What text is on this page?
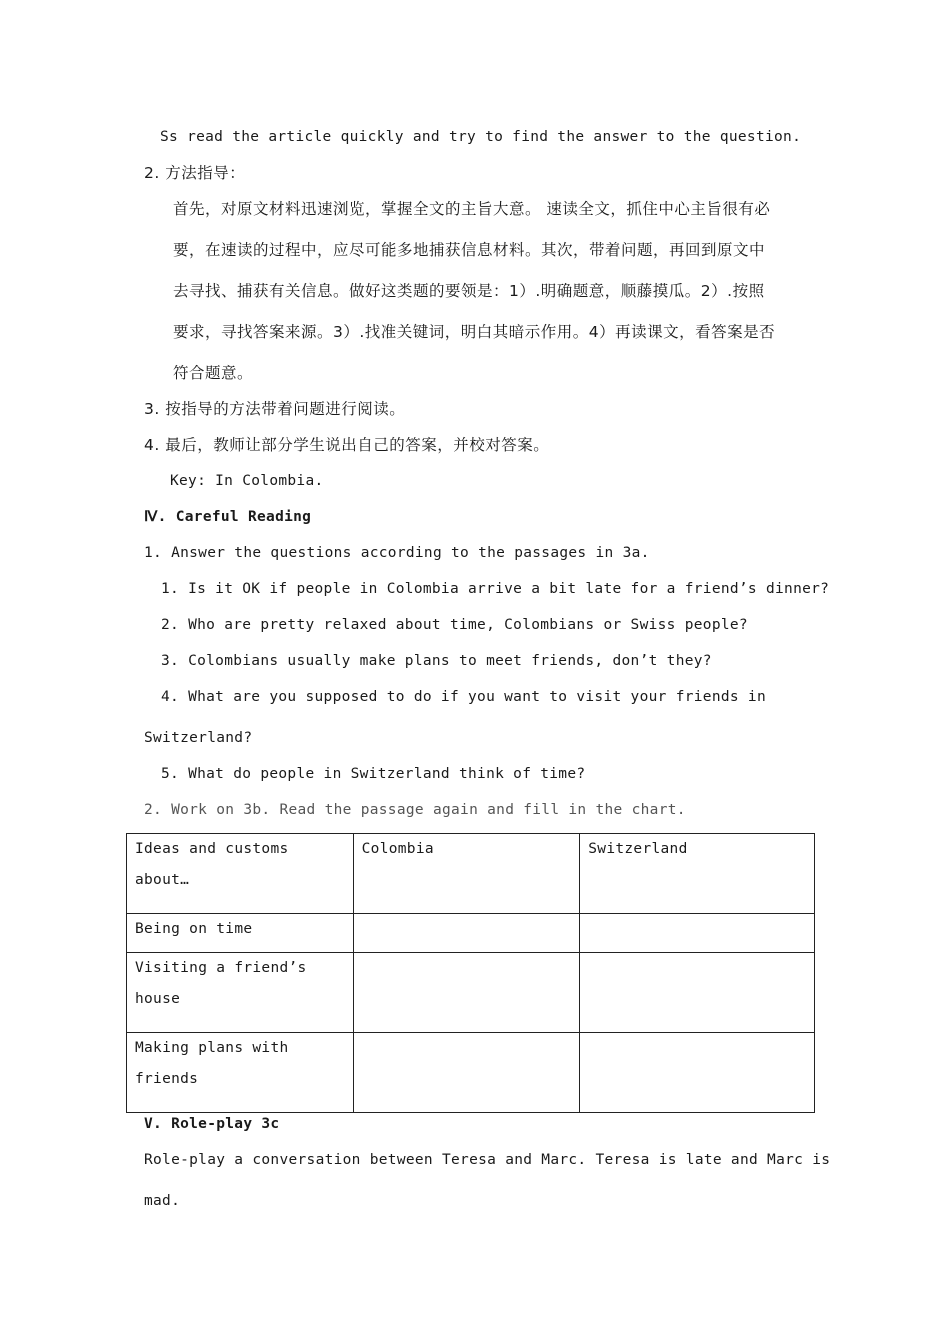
Ss read the article quickly and try to find the answer to the question.
2. 方法指导：
首先，对原文材料迅速浏览，掌握全文的主旨大意。 速读全文，抓住中心主旨很有必
要，在速读的过程中，应尽可能多地捕获信息材料。其次，带着问题，再回到原文中
去寻找、捕获有关信息。做好这类题的要领是：1）.明确题意，顺藤摸瓜。2）.按照
要求，寻找答案来源。3）.找准关键词，明白其暗示作用。4）再读课文，看答案是否
符合题意。
3. 按指导的方法带着问题进行阅读。
4. 最后，教师让部分学生说出自己的答案，并校对答案。
Key: In Colombia.
Ⅳ. Careful Reading
1. Answer the questions according to the passages in 3a.
1. Is it OK if people in Colombia arrive a bit late for a friend’s dinner?
2. Who are pretty relaxed about time, Colombians or Swiss people?
3. Colombians usually make plans to meet friends, don’t they?
4. What are you supposed to do if you want to visit your friends in
Switzerland?
5. What do people in Switzerland think of time?
2. Work on 3b. Read the passage again and fill in the chart.
Ideas and customs
about…	Colombia	Switzerland

Being on time		

Visiting a friend’s
house		

Making plans with
friends		

V. Role-play 3c
Role-play a conversation between Teresa and Marc. Teresa is late and Marc is
mad.
